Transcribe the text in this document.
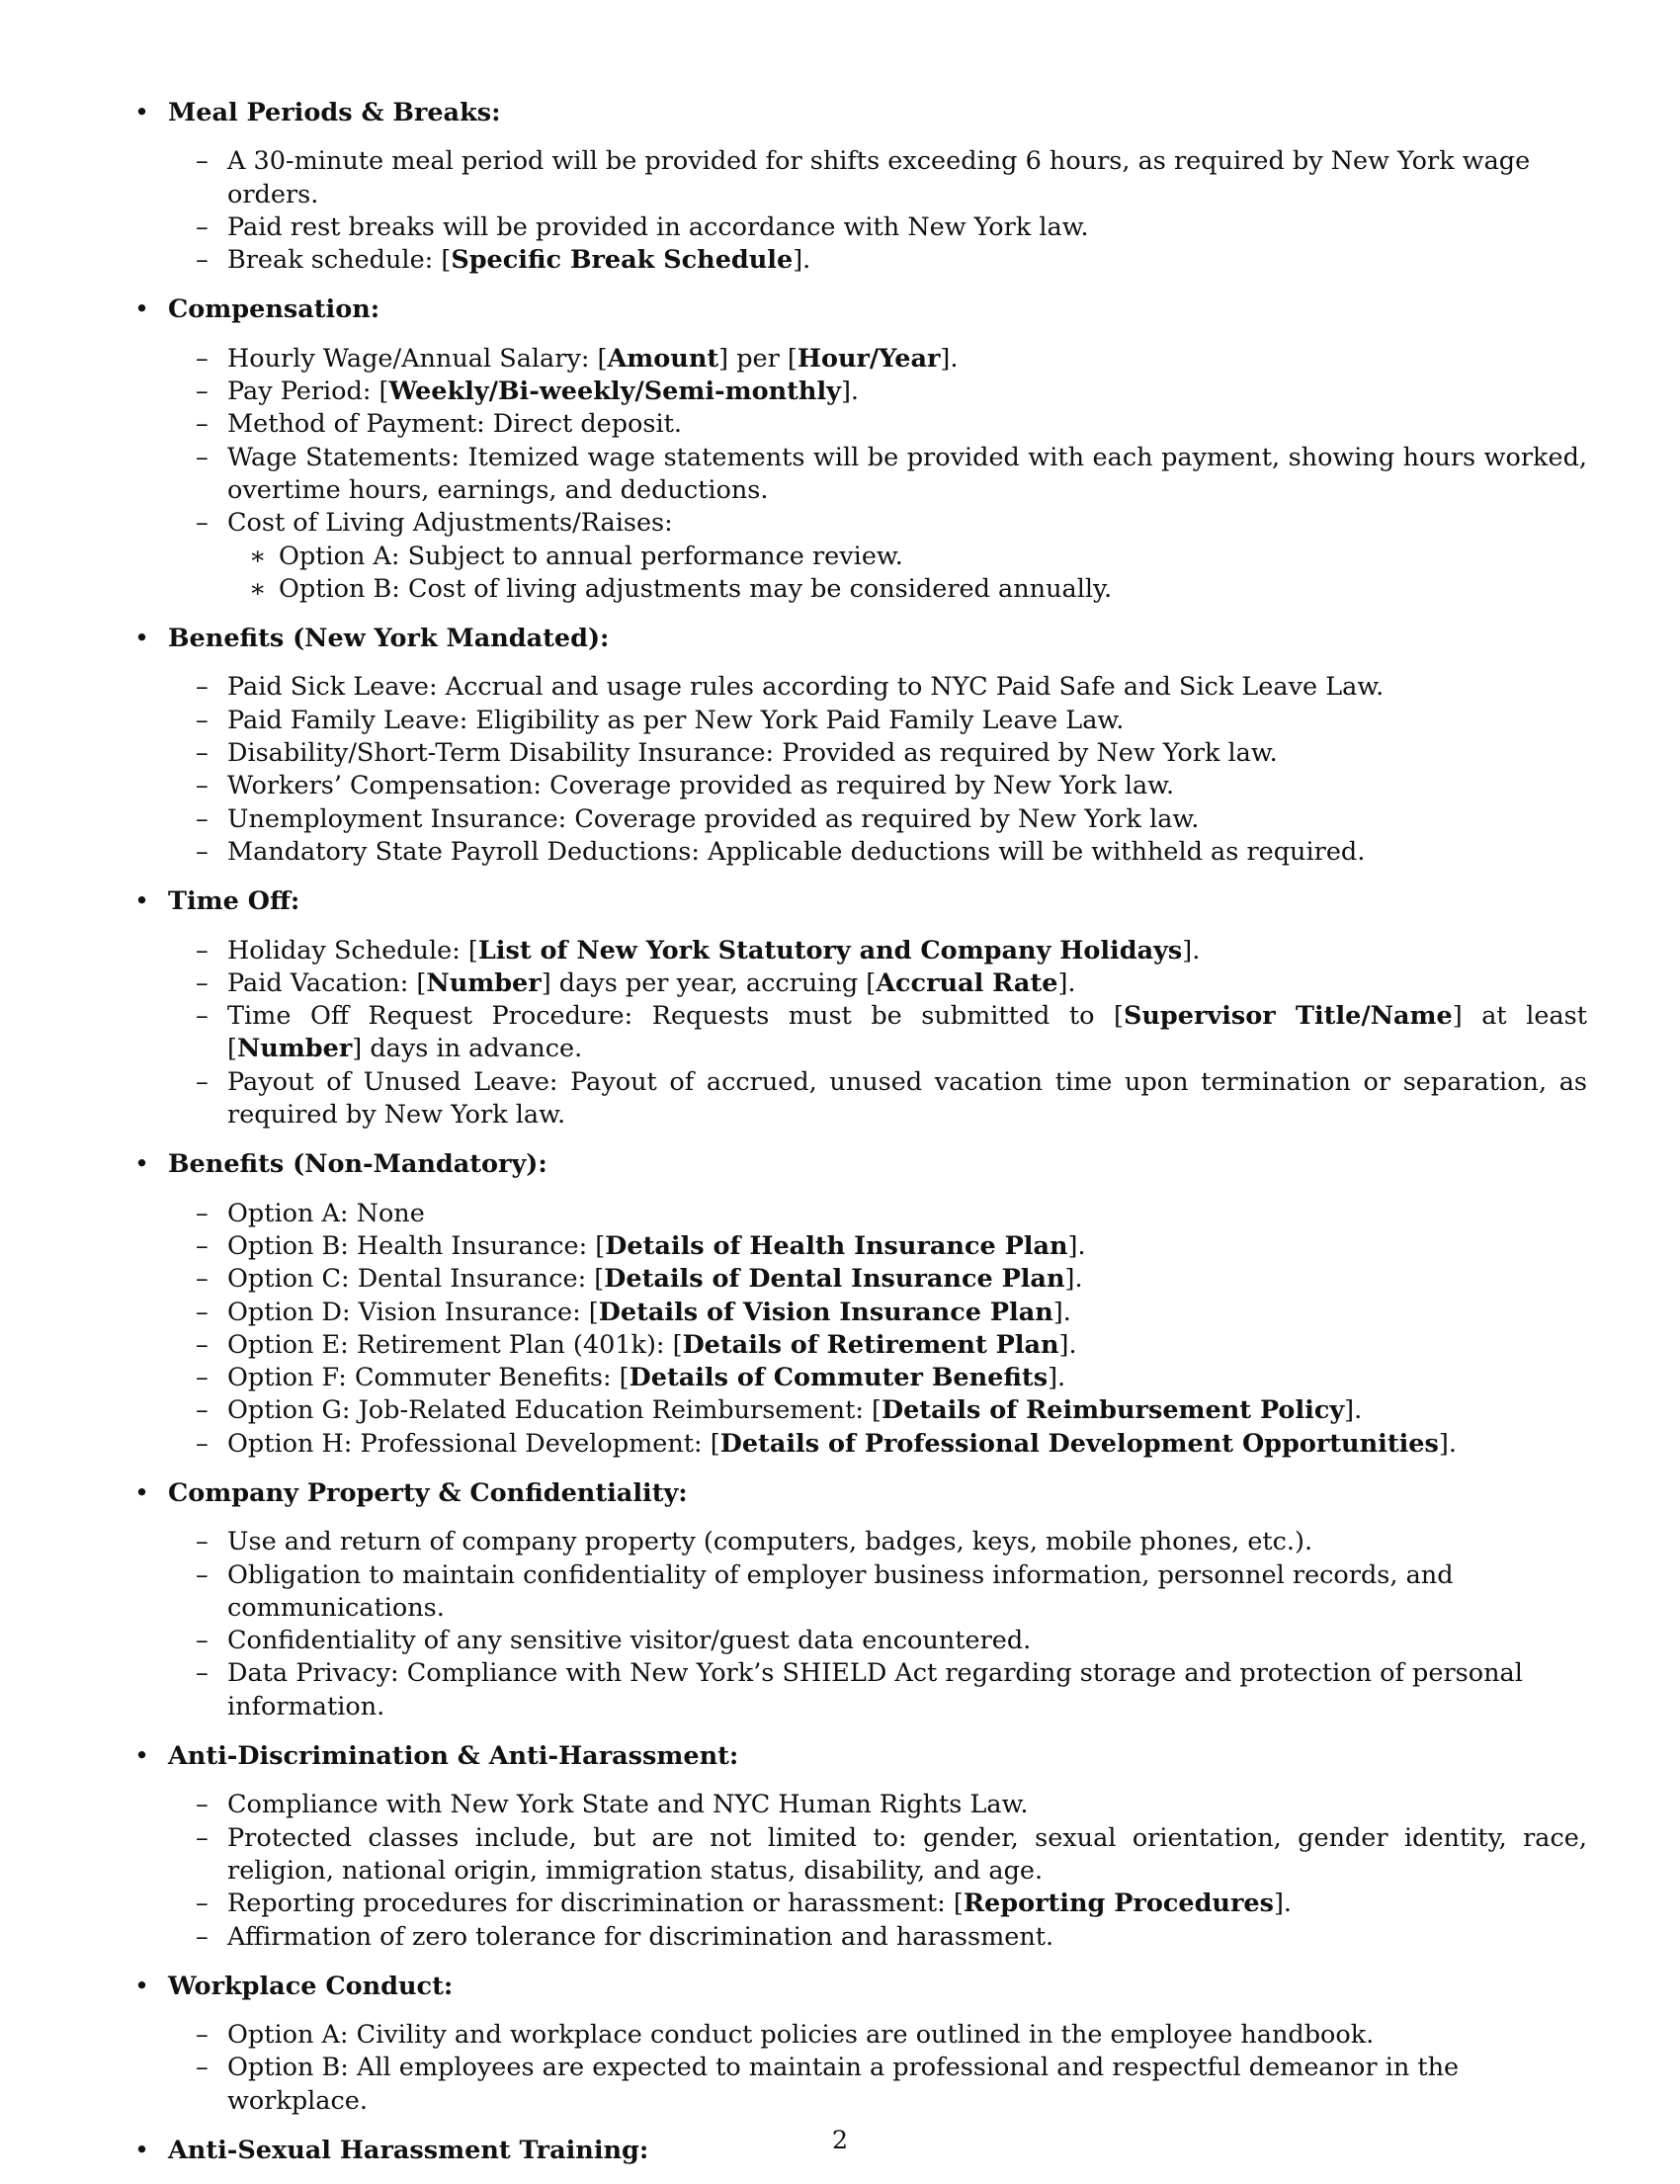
• Meal Periods & Breaks:
– A 30-minute meal period will be provided for shifts exceeding 6 hours, as required by New York wage orders.
– Paid rest breaks will be provided in accordance with New York law.
– Break schedule: [Specific Break Schedule].
• Compensation:
– Hourly Wage/Annual Salary: [Amount] per [Hour/Year].
– Pay Period: [Weekly/Bi-weekly/Semi-monthly].
– Method of Payment: Direct deposit.
– Wage Statements: Itemized wage statements will be provided with each payment, showing hours worked, overtime hours, earnings, and deductions.
– Cost of Living Adjustments/Raises:
∗ Option A: Subject to annual performance review.
∗ Option B: Cost of living adjustments may be considered annually.
• Benefits (New York Mandated):
– Paid Sick Leave: Accrual and usage rules according to NYC Paid Safe and Sick Leave Law.
– Paid Family Leave: Eligibility as per New York Paid Family Leave Law.
– Disability/Short-Term Disability Insurance: Provided as required by New York law.
– Workers’ Compensation: Coverage provided as required by New York law.
– Unemployment Insurance: Coverage provided as required by New York law.
– Mandatory State Payroll Deductions: Applicable deductions will be withheld as required.
• Time Off:
– Holiday Schedule: [List of New York Statutory and Company Holidays].
– Paid Vacation: [Number] days per year, accruing [Accrual Rate].
– Time Off Request Procedure: Requests must be submitted to [Supervisor Title/Name] at least [Number] days in advance.
– Payout of Unused Leave: Payout of accrued, unused vacation time upon termination or separation, as required by New York law.
• Benefits (Non-Mandatory):
– Option A: None
– Option B: Health Insurance: [Details of Health Insurance Plan].
– Option C: Dental Insurance: [Details of Dental Insurance Plan].
– Option D: Vision Insurance: [Details of Vision Insurance Plan].
– Option E: Retirement Plan (401k): [Details of Retirement Plan].
– Option F: Commuter Benefits: [Details of Commuter Benefits].
– Option G: Job-Related Education Reimbursement: [Details of Reimbursement Policy].
– Option H: Professional Development: [Details of Professional Development Opportunities].
• Company Property & Confidentiality:
– Use and return of company property (computers, badges, keys, mobile phones, etc.).
– Obligation to maintain confidentiality of employer business information, personnel records, and communications.
– Confidentiality of any sensitive visitor/guest data encountered.
– Data Privacy: Compliance with New York’s SHIELD Act regarding storage and protection of personal information.
• Anti-Discrimination & Anti-Harassment:
– Compliance with New York State and NYC Human Rights Law.
– Protected classes include, but are not limited to: gender, sexual orientation, gender identity, race, religion, national origin, immigration status, disability, and age.
– Reporting procedures for discrimination or harassment: [Reporting Procedures].
– Affirmation of zero tolerance for discrimination and harassment.
• Workplace Conduct:
– Option A: Civility and workplace conduct policies are outlined in the employee handbook.
– Option B: All employees are expected to maintain a professional and respectful demeanor in the workplace.
• Anti-Sexual Harassment Training:	2
